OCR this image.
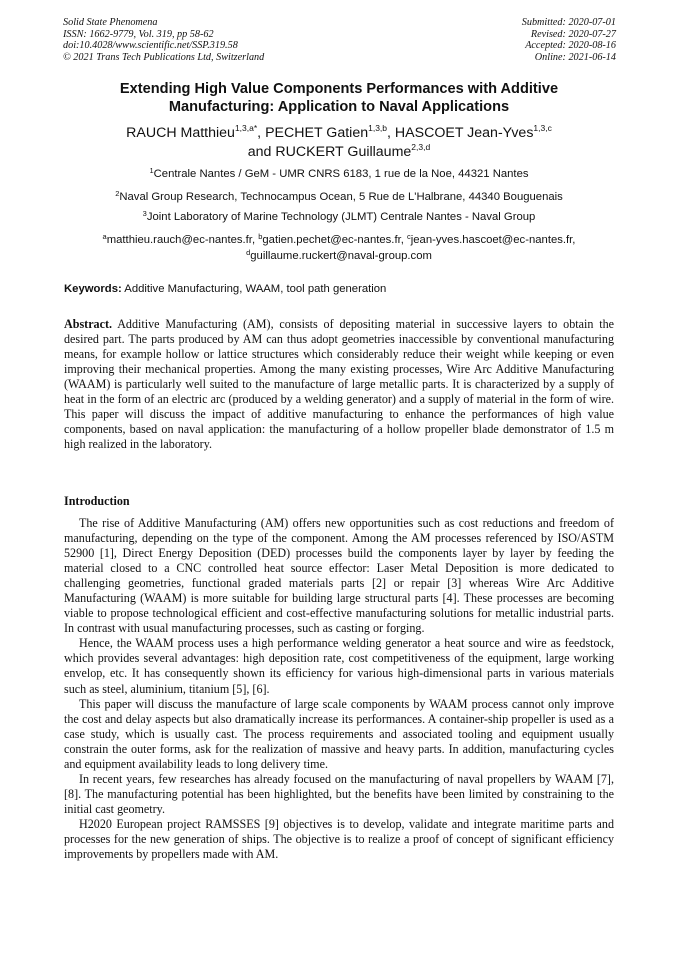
Solid State Phenomena
ISSN: 1662-9779, Vol. 319, pp 58-62
doi:10.4028/www.scientific.net/SSP.319.58
© 2021 Trans Tech Publications Ltd, Switzerland
Submitted: 2020-07-01
Revised: 2020-07-27
Accepted: 2020-08-16
Online: 2021-06-14
Extending High Value Components Performances with Additive
Manufacturing: Application to Naval Applications
RAUCH Matthieu$^{1,3,a*}$, PECHET Gatien$^{1,3,b}$, HASCOET Jean-Yves$^{1,3,c}$
and RUCKERT Guillaume$^{2,3,d}$
$^1$Centrale Nantes / GeM - UMR CNRS 6183, 1 rue de la Noe, 44321 Nantes
$^2$Naval Group Research, Technocampus Ocean, 5 Rue de L'Halbrane, 44340 Bouguenais
$^3$Joint Laboratory of Marine Technology (JLMT) Centrale Nantes - Naval Group
$^a$matthieu.rauch@ec-nantes.fr, $^b$gatien.pechet@ec-nantes.fr, $^c$jean-yves.hascoet@ec-nantes.fr,
$^d$guillaume.ruckert@naval-group.com
Keywords: Additive Manufacturing, WAAM, tool path generation

Abstract. Additive Manufacturing (AM), consists of depositing material in successive layers to obtain the desired part. The parts produced by AM can thus adopt geometries inaccessible by conventional manufacturing means, for example hollow or lattice structures which considerably reduce their weight while keeping or even improving their mechanical properties. Among the many existing processes, Wire Arc Additive Manufacturing (WAAM) is particularly well suited to the manufacture of large metallic parts. It is characterized by a supply of heat in the form of an electric arc (produced by a welding generator) and a supply of material in the form of wire. This paper will discuss the impact of additive manufacturing to enhance the performances of high value components, based on naval application: the manufacturing of a hollow propeller blade demonstrator of 1.5 m high realized in the laboratory.

Introduction

The rise of Additive Manufacturing (AM) offers new opportunities such as cost reductions and freedom of manufacturing, depending on the type of the component. Among the AM processes referenced by ISO/ASTM 52900 [1], Direct Energy Deposition (DED) processes build the components layer by layer by feeding the material closed to a CNC controlled heat source effector: Laser Metal Deposition is more dedicated to challenging geometries, functional graded materials parts [2] or repair [3] whereas Wire Arc Additive Manufacturing (WAAM) is more suitable for building large structural parts [4]. These processes are becoming viable to propose technological efficient and cost-effective manufacturing solutions for metallic industrial parts. In contrast with usual manufacturing processes, such as casting or forging.

Hence, the WAAM process uses a high performance welding generator a heat source and wire as feedstock, which provides several advantages: high deposition rate, cost competitiveness of the equipment, large working envelop, etc. It has consequently shown its efficiency for various high-dimensional parts in various materials such as steel, aluminium, titanium [5], [6].

This paper will discuss the manufacture of large scale components by WAAM process cannot only improve the cost and delay aspects but also dramatically increase its performances. A container-ship propeller is used as a case study, which is usually cast. The process requirements and associated tooling and equipment usually constrain the outer forms, ask for the realization of massive and heavy parts. In addition, manufacturing cycles and equipment availability leads to long delivery time.

In recent years, few researches has already focused on the manufacturing of naval propellers by WAAM [7], [8]. The manufacturing potential has been highlighted, but the benefits have been limited by constraining to the initial cast geometry.

H2020 European project RAMSSES [9] objectives is to develop, validate and integrate maritime parts and processes for the new generation of ships. The objective is to realize a proof of concept of significant efficiency improvements by propellers made with AM.
